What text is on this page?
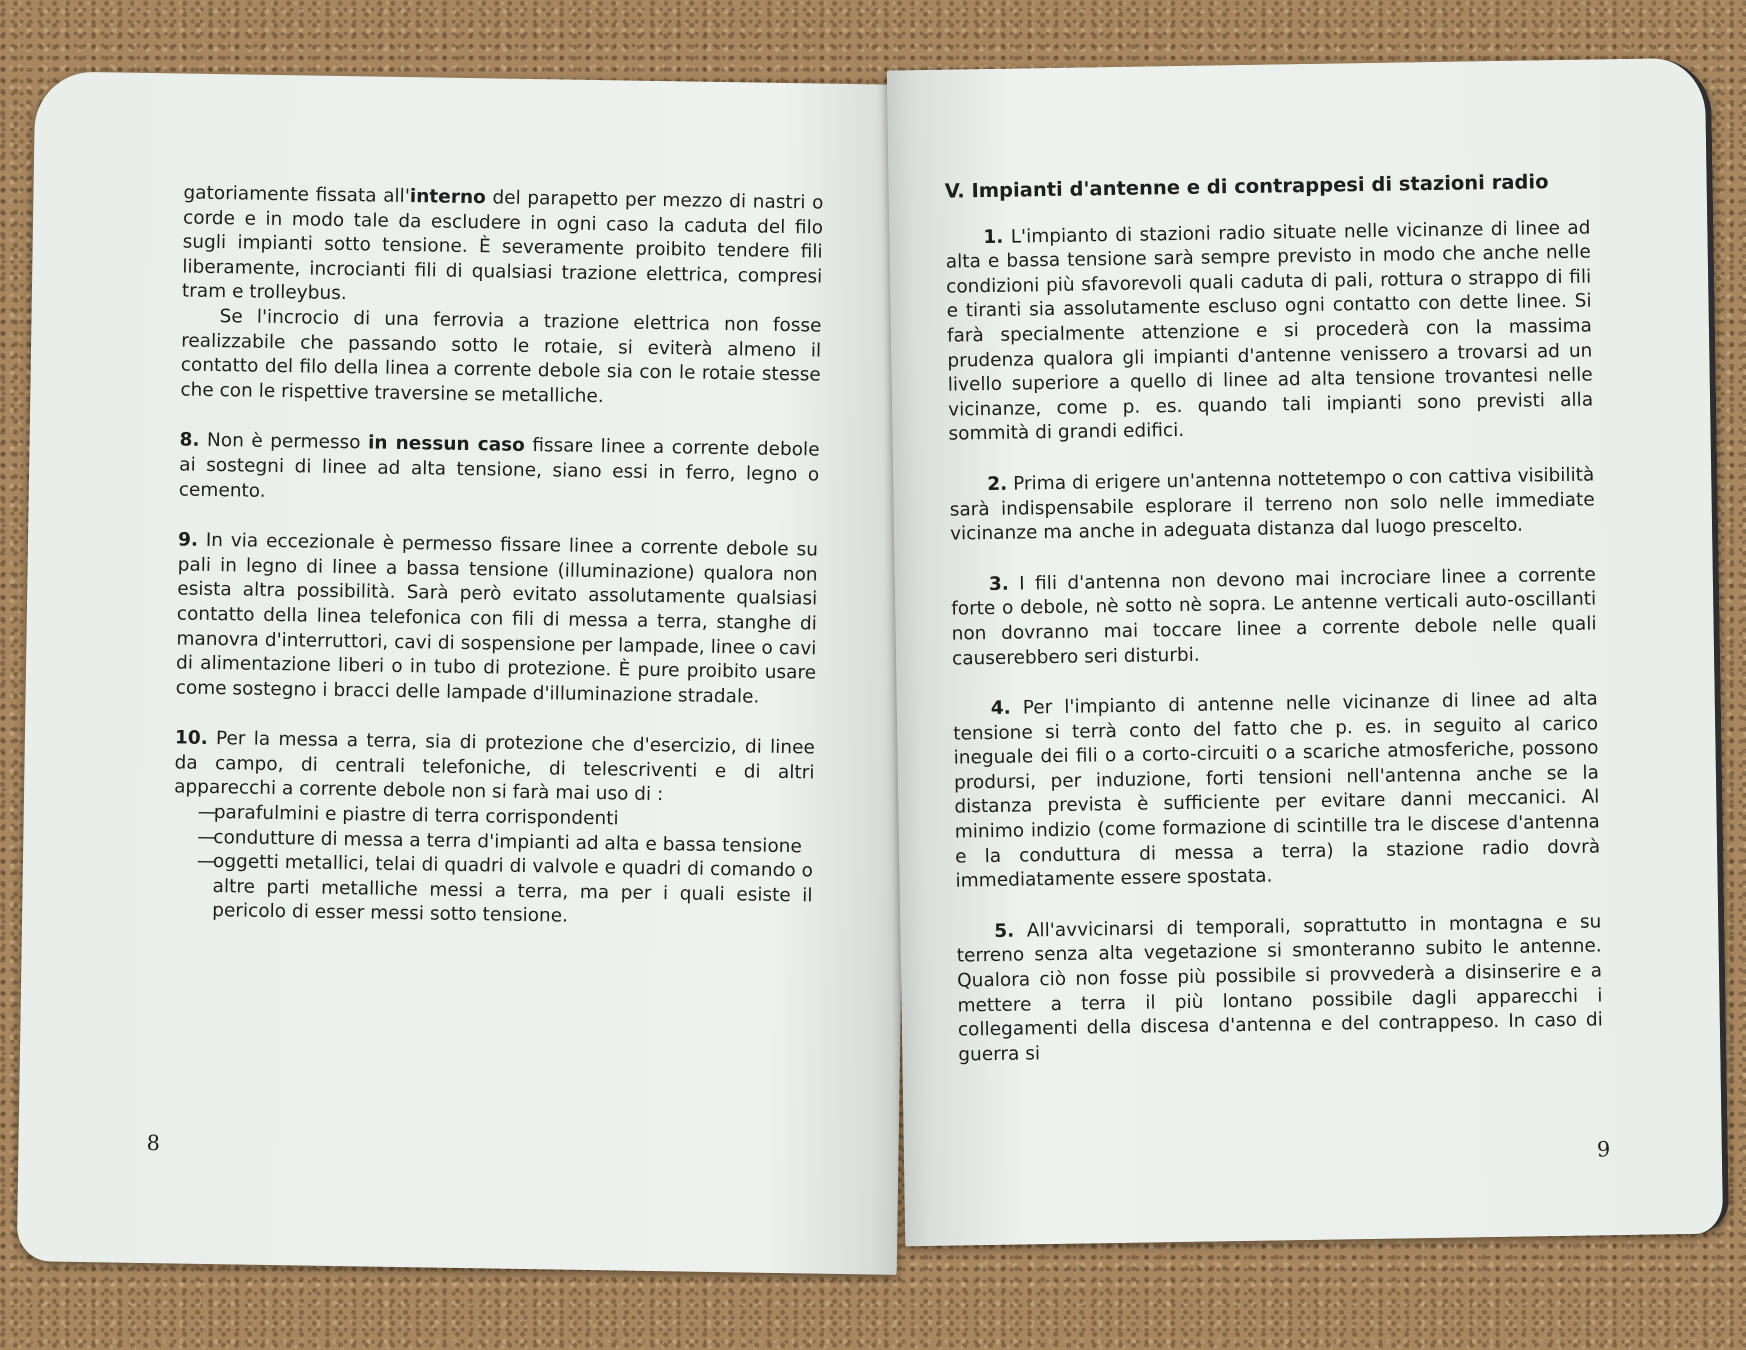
gatoriamente fissata all'interno del parapetto per mezzo di nastri o corde e in modo tale da escludere in ogni caso la caduta del filo sugli impianti sotto tensione. È severamente proibito tendere fili liberamente, incrocianti fili di qualsiasi trazione elettrica, compresi tram e trolleybus.

Se l'incrocio di una ferrovia a trazione elettrica non fosse realizzabile che passando sotto le rotaie, si eviterà almeno il contatto del filo della linea a corrente debole sia con le rotaie stesse che con le rispettive traversine se metalliche.

8. Non è permesso in nessun caso fissare linee a corrente debole ai sostegni di linee ad alta tensione, siano essi in ferro, legno o cemento.

9. In via eccezionale è permesso fissare linee a corrente debole su pali in legno di linee a bassa tensione (illuminazione) qualora non esista altra possibilità. Sarà però evitato assolutamente qualsiasi contatto della linea telefonica con fili di messa a terra, stanghe di manovra d'interruttori, cavi di sospensione per lampade, linee o cavi di alimentazione liberi o in tubo di protezione. È pure proibito usare come sostegno i bracci delle lampade d'illuminazione stradale.

10. Per la messa a terra, sia di protezione che d'esercizio, di linee da campo, di centrali telefoniche, di telescriventi e di altri apparecchi a corrente debole non si farà mai uso di :

—
parafulmini e piastre di terra corrispondenti
—
condutture di messa a terra d'impianti ad alta e bassa tensione
—
oggetti metallici, telai di quadri di valvole e quadri di comando o altre parti metalliche messi a terra, ma per i quali esiste il pericolo di esser messi sotto tensione.
8
V. Impianti d'antenne e di contrappesi di stazioni radio

1. L'impianto di stazioni radio situate nelle vicinanze di linee ad alta e bassa tensione sarà sempre previsto in modo che anche nelle condizioni più sfavorevoli quali caduta di pali, rottura o strappo di fili e tiranti sia assolutamente escluso ogni contatto con dette linee. Si farà specialmente attenzione e si procederà con la massima prudenza qualora gli impianti d'antenne venissero a trovarsi ad un livello superiore a quello di linee ad alta tensione trovantesi nelle vicinanze, come p. es. quando tali impianti sono previsti alla sommità di grandi edifici.

2. Prima di erigere un'antenna nottetempo o con cattiva visibilità sarà indispensabile esplorare il terreno non solo nelle immediate vicinanze ma anche in adeguata distanza dal luogo prescelto.

3. I fili d'antenna non devono mai incrociare linee a corrente forte o debole, nè sotto nè sopra. Le antenne verticali auto-oscillanti non dovranno mai toccare linee a corrente debole nelle quali causerebbero seri disturbi.

4. Per l'impianto di antenne nelle vicinanze di linee ad alta tensione si terrà conto del fatto che p. es. in seguito al carico ineguale dei fili o a corto-circuiti o a scariche atmosferiche, possono prodursi, per induzione, forti tensioni nell'antenna anche se la distanza prevista è sufficiente per evitare danni meccanici. Al minimo indizio (come formazione di scintille tra le discese d'antenna e la conduttura di messa a terra) la stazione radio dovrà immediatamente essere spostata.

5. All'avvicinarsi di temporali, soprattutto in montagna e su terreno senza alta vegetazione si smonteranno subito le antenne. Qualora ciò non fosse più possibile si provvederà a disinserire e a mettere a terra il più lontano possibile dagli apparecchi i collegamenti della discesa d'antenna e del contrappeso. In caso di guerra si

9
